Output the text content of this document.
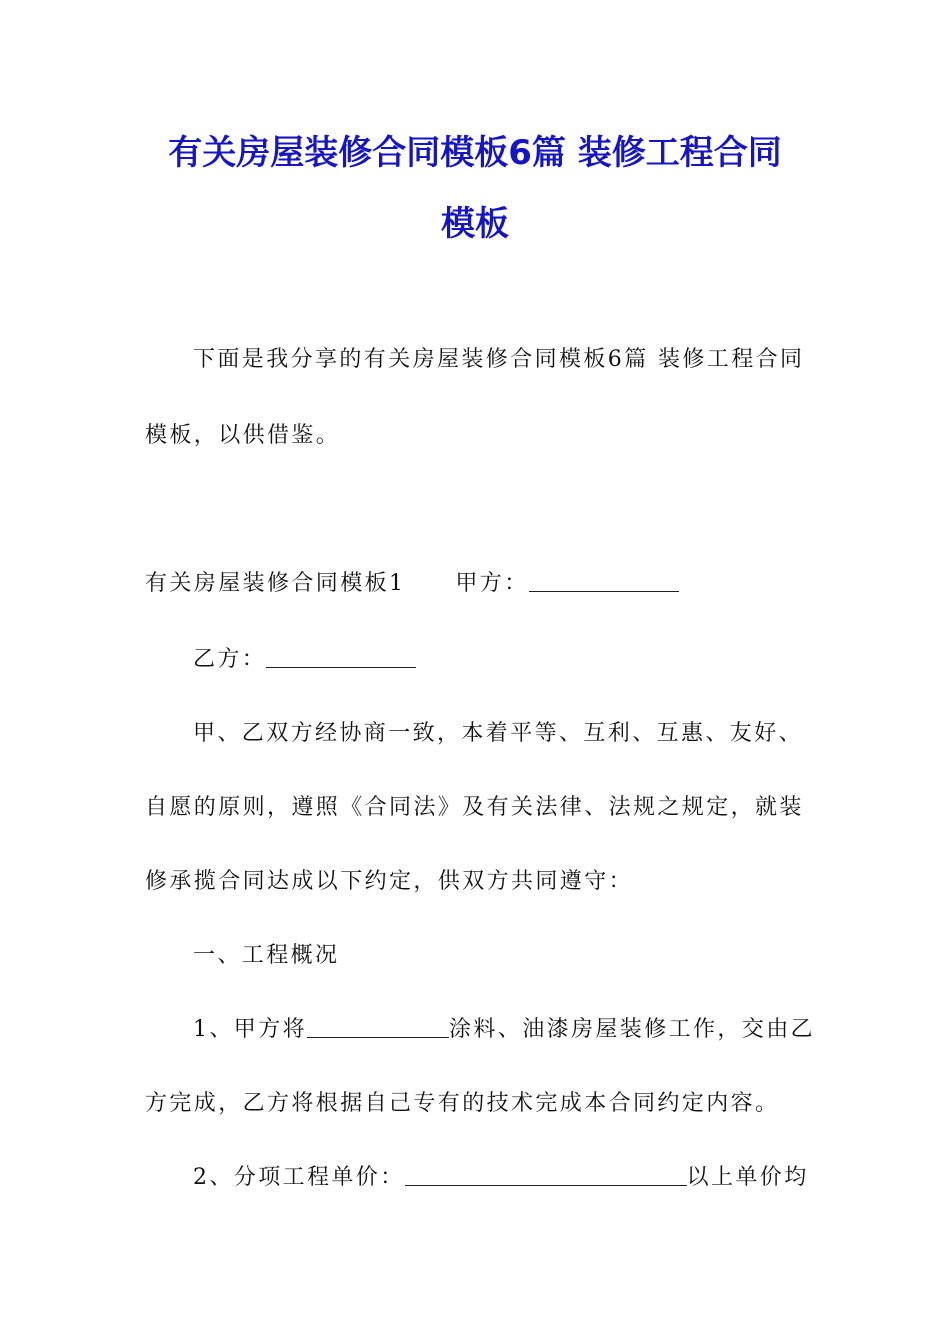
有关房屋装修合同模板6篇 装修工程合同
模板
下面是我分享的有关房屋装修合同模板6篇 装修工程合同
模板，以供借鉴。
有关房屋装修合同模板1 甲方：
乙方：
甲、乙双方经协商一致，本着平等、互利、互惠、友好、
自愿的原则，遵照《合同法》及有关法律、法规之规定，就装
修承揽合同达成以下约定，供双方共同遵守：
一、工程概况
1、甲方将	涂料、油漆房屋装修工作，交由乙
方完成，乙方将根据自己专有的技术完成本合同约定内容。
2、分项工程单价：	以上单价均
